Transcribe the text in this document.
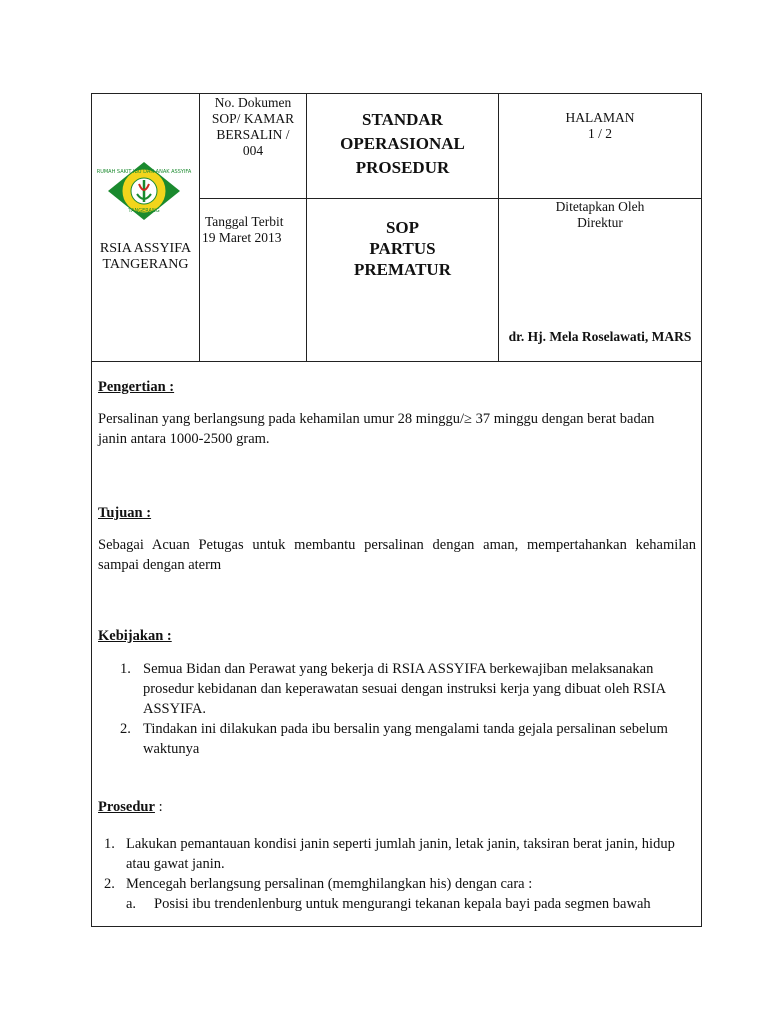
RUMAH SAKIT IBU DAN ANAK ASSYIFA
TANGERANG
RSIA ASSYIFA
TANGERANG
No. Dokumen
SOP/ KAMAR
BERSALIN /
004
STANDAR
OPERASIONAL
PROSEDUR
HALAMAN
1 / 2
Tanggal Terbit
19 Maret 2013
SOP
PARTUS
PREMATUR
Ditetapkan Oleh
Direktur
dr. Hj. Mela Roselawati, MARS
Pengertian :
Persalinan yang berlangsung pada kehamilan umur 28 minggu/≥ 37 minggu dengan berat badan
janin antara 1000-2500 gram.
Tujuan :
Sebagai Acuan Petugas untuk membantu persalinan dengan aman, mempertahankan kehamilan
sampai dengan aterm
Kebijakan :
1. Semua Bidan dan Perawat yang bekerja di RSIA ASSYIFA berkewajiban melaksanakan
prosedur kebidanan dan keperawatan sesuai dengan instruksi kerja yang dibuat oleh RSIA
ASSYIFA.
2. Tindakan ini dilakukan pada ibu bersalin yang mengalami tanda gejala persalinan sebelum
waktunya
Prosedur :
1. Lakukan pemantauan kondisi janin seperti jumlah janin, letak janin, taksiran berat janin, hidup
atau gawat janin.
2. Mencegah berlangsung persalinan (memghilangkan his) dengan cara :
a. Posisi ibu trendenlenburg untuk mengurangi tekanan kepala bayi pada segmen bawah
